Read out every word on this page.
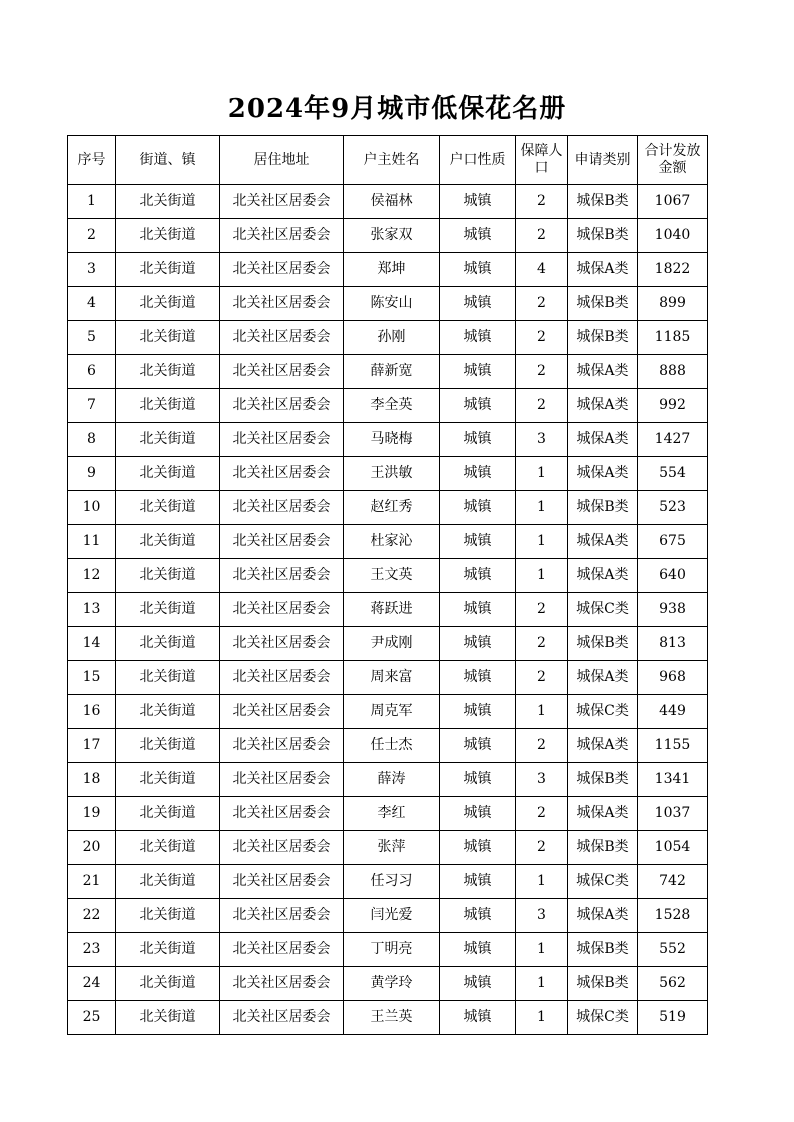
2024年9月城市低保花名册
序号	街道、镇	居住地址	户主姓名	户口性质	保障人口	申请类别	合计发放金额
1	北关街道	北关社区居委会	侯福林	城镇	2	城保B类	1067
2	北关街道	北关社区居委会	张家双	城镇	2	城保B类	1040
3	北关街道	北关社区居委会	郑坤	城镇	4	城保A类	1822
4	北关街道	北关社区居委会	陈安山	城镇	2	城保B类	899
5	北关街道	北关社区居委会	孙刚	城镇	2	城保B类	1185
6	北关街道	北关社区居委会	薛新宽	城镇	2	城保A类	888
7	北关街道	北关社区居委会	李全英	城镇	2	城保A类	992
8	北关街道	北关社区居委会	马晓梅	城镇	3	城保A类	1427
9	北关街道	北关社区居委会	王洪敏	城镇	1	城保A类	554
10	北关街道	北关社区居委会	赵红秀	城镇	1	城保B类	523
11	北关街道	北关社区居委会	杜家沁	城镇	1	城保A类	675
12	北关街道	北关社区居委会	王文英	城镇	1	城保A类	640
13	北关街道	北关社区居委会	蒋跃进	城镇	2	城保C类	938
14	北关街道	北关社区居委会	尹成刚	城镇	2	城保B类	813
15	北关街道	北关社区居委会	周来富	城镇	2	城保A类	968
16	北关街道	北关社区居委会	周克军	城镇	1	城保C类	449
17	北关街道	北关社区居委会	任士杰	城镇	2	城保A类	1155
18	北关街道	北关社区居委会	薛涛	城镇	3	城保B类	1341
19	北关街道	北关社区居委会	李红	城镇	2	城保A类	1037
20	北关街道	北关社区居委会	张萍	城镇	2	城保B类	1054
21	北关街道	北关社区居委会	任习习	城镇	1	城保C类	742
22	北关街道	北关社区居委会	闫光爱	城镇	3	城保A类	1528
23	北关街道	北关社区居委会	丁明亮	城镇	1	城保B类	552
24	北关街道	北关社区居委会	黄学玲	城镇	1	城保B类	562
25	北关街道	北关社区居委会	王兰英	城镇	1	城保C类	519
